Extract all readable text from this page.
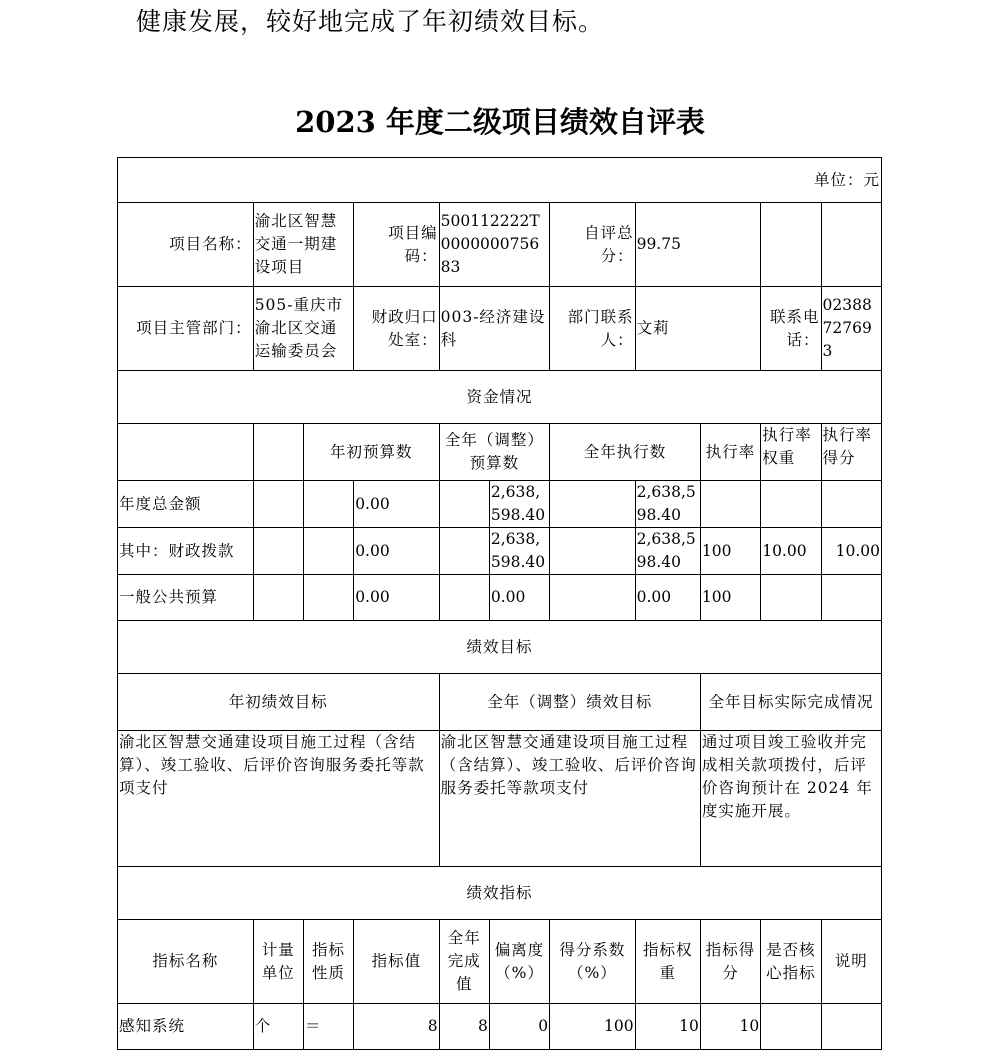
健康发展，较好地完成了年初绩效目标。
2023 年度二级项目绩效自评表
单位：元										
项目名称：	渝北区智慧交通一期建设项目		项目编码：	500112222T000000075683		自评总分：	99.75			
项目主管部门：	505-重庆市渝北区交通运输委员会		财政归口处室：	003-经济建设科		部门联系人：	文莉		联系电话：	02388727693
资金情况										
		年初预算数		全年（调整）预算数		全年执行数		执行率	执行率权重	执行率得分
年度总金额			0.00		2,638,598.40		2,638,598.40			
其中：财政拨款			0.00		2,638,598.40		2,638,598.40	100	10.00	10.00
一般公共预算			0.00		0.00		0.00	100		
绩效目标										
年初绩效目标				全年（调整）绩效目标				全年目标实际完成情况		
渝北区智慧交通建设项目施工过程（含结算）、竣工验收、后评价咨询服务委托等款项支付				渝北区智慧交通建设项目施工过程（含结算）、竣工验收、后评价咨询服务委托等款项支付				通过项目竣工验收并完成相关款项拨付，后评价咨询预计在 2024 年度实施开展。		
绩效指标										
指标名称	计量单位	指标性质	指标值	全年完成值	偏离度（%）	得分系数（%）	指标权重	指标得分	是否核心指标	说明
感知系统	个	＝	8	8	0	100	10	10		
